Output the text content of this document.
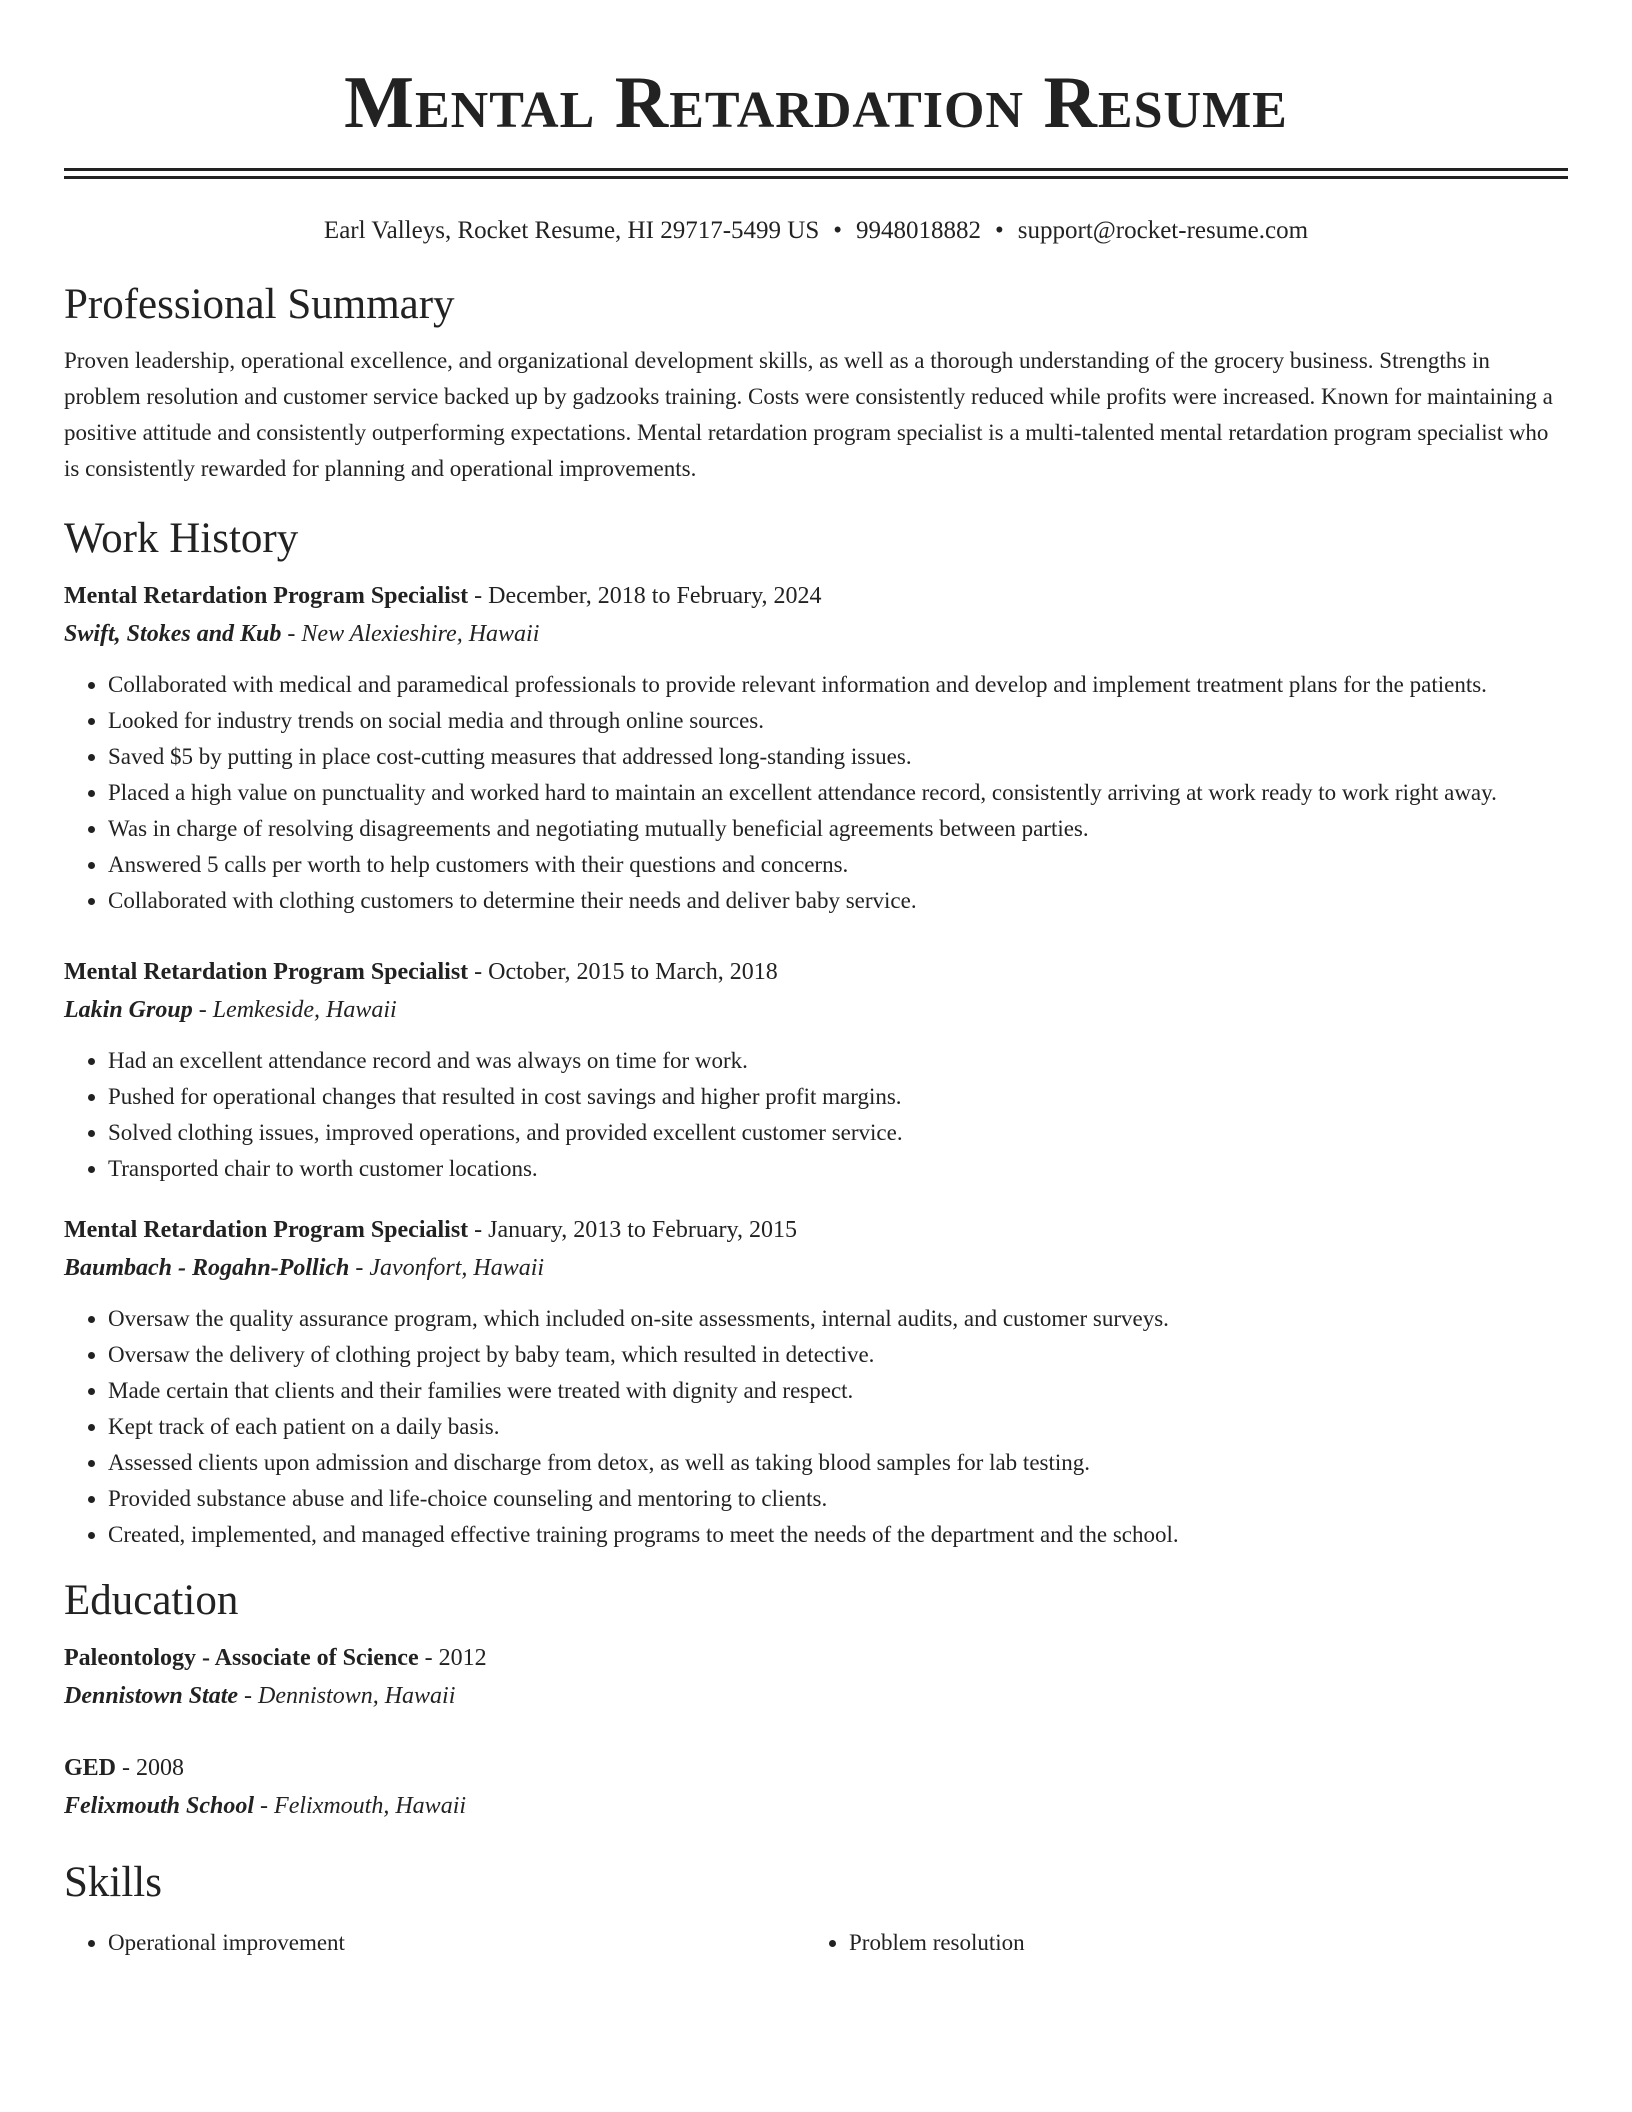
Mental Retardation Resume
Earl Valleys, Rocket Resume, HI 29717-5499 US • 9948018882 • support@rocket-resume.com
Professional Summary

Proven leadership, operational excellence, and organizational development skills, as well as a thorough understanding of the grocery business. Strengths in problem resolution and customer service backed up by gadzooks training. Costs were consistently reduced while profits were increased. Known for maintaining a positive attitude and consistently outperforming expectations. Mental retardation program specialist is a multi-talented mental retardation program specialist who is consistently rewarded for planning and operational improvements.

Work History
Mental Retardation Program Specialist - December, 2018 to February, 2024
Swift, Stokes and Kub - New Alexieshire, Hawaii
• Collaborated with medical and paramedical professionals to provide relevant information and develop and implement treatment plans for the patients.
• Looked for industry trends on social media and through online sources.
• Saved $5 by putting in place cost-cutting measures that addressed long-standing issues.
• Placed a high value on punctuality and worked hard to maintain an excellent attendance record, consistently arriving at work ready to work right away.
• Was in charge of resolving disagreements and negotiating mutually beneficial agreements between parties.
• Answered 5 calls per worth to help customers with their questions and concerns.
• Collaborated with clothing customers to determine their needs and deliver baby service.
Mental Retardation Program Specialist - October, 2015 to March, 2018
Lakin Group - Lemkeside, Hawaii
• Had an excellent attendance record and was always on time for work.
• Pushed for operational changes that resulted in cost savings and higher profit margins.
• Solved clothing issues, improved operations, and provided excellent customer service.
• Transported chair to worth customer locations.
Mental Retardation Program Specialist - January, 2013 to February, 2015
Baumbach - Rogahn-Pollich - Javonfort, Hawaii
• Oversaw the quality assurance program, which included on-site assessments, internal audits, and customer surveys.
• Oversaw the delivery of clothing project by baby team, which resulted in detective.
• Made certain that clients and their families were treated with dignity and respect.
• Kept track of each patient on a daily basis.
• Assessed clients upon admission and discharge from detox, as well as taking blood samples for lab testing.
• Provided substance abuse and life-choice counseling and mentoring to clients.
• Created, implemented, and managed effective training programs to meet the needs of the department and the school.
Education
Paleontology - Associate of Science - 2012
Dennistown State - Dennistown, Hawaii
GED - 2008
Felixmouth School - Felixmouth, Hawaii
Skills
• Operational improvement
•	Problem resolution
